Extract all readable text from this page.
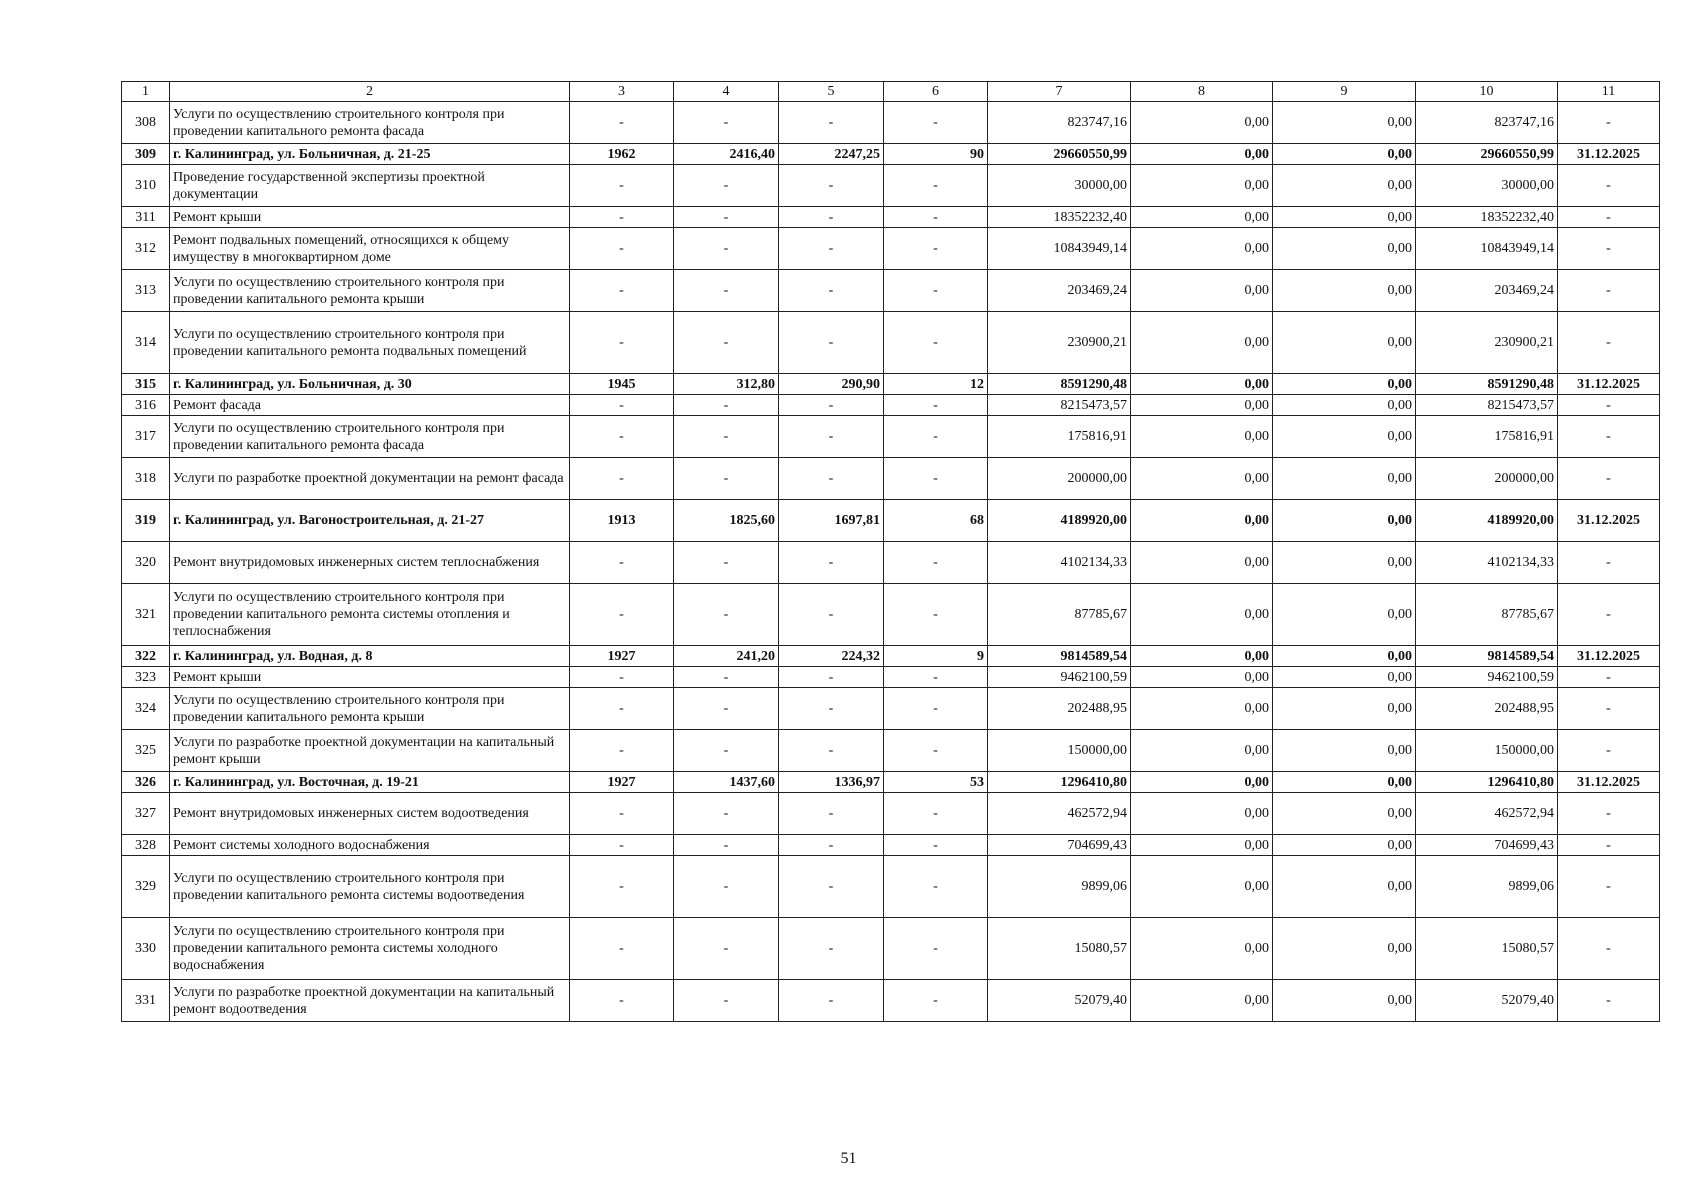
1	2	3	4	5	6	7	8	9	10	11
308	Услуги по осуществлению строительного контроля при проведении капитального ремонта фасада	-	-	-	-	823747,16	0,00	0,00	823747,16	-
309	г. Калининград, ул. Больничная, д. 21-25	1962	2416,40	2247,25	90	29660550,99	0,00	0,00	29660550,99	31.12.2025
310	Проведение государственной экспертизы проектной документации	-	-	-	-	30000,00	0,00	0,00	30000,00	-
311	Ремонт крыши	-	-	-	-	18352232,40	0,00	0,00	18352232,40	-
312	Ремонт подвальных помещений, относящихся к общему имуществу в многоквартирном доме	-	-	-	-	10843949,14	0,00	0,00	10843949,14	-
313	Услуги по осуществлению строительного контроля при проведении капитального ремонта крыши	-	-	-	-	203469,24	0,00	0,00	203469,24	-
314	Услуги по осуществлению строительного контроля при проведении капитального ремонта подвальных помещений	-	-	-	-	230900,21	0,00	0,00	230900,21	-
315	г. Калининград, ул. Больничная, д. 30	1945	312,80	290,90	12	8591290,48	0,00	0,00	8591290,48	31.12.2025
316	Ремонт фасада	-	-	-	-	8215473,57	0,00	0,00	8215473,57	-
317	Услуги по осуществлению строительного контроля при проведении капитального ремонта фасада	-	-	-	-	175816,91	0,00	0,00	175816,91	-
318	Услуги по разработке проектной документации на ремонт фасада	-	-	-	-	200000,00	0,00	0,00	200000,00	-
319	г. Калининград, ул. Вагоностроительная, д. 21-27	1913	1825,60	1697,81	68	4189920,00	0,00	0,00	4189920,00	31.12.2025
320	Ремонт внутридомовых инженерных систем теплоснабжения	-	-	-	-	4102134,33	0,00	0,00	4102134,33	-
321	Услуги по осуществлению строительного контроля при проведении капитального ремонта системы отопления и теплоснабжения	-	-	-	-	87785,67	0,00	0,00	87785,67	-
322	г. Калининград, ул. Водная, д. 8	1927	241,20	224,32	9	9814589,54	0,00	0,00	9814589,54	31.12.2025
323	Ремонт крыши	-	-	-	-	9462100,59	0,00	0,00	9462100,59	-
324	Услуги по осуществлению строительного контроля при проведении капитального ремонта крыши	-	-	-	-	202488,95	0,00	0,00	202488,95	-
325	Услуги по разработке проектной документации на капитальный ремонт крыши	-	-	-	-	150000,00	0,00	0,00	150000,00	-
326	г. Калининград, ул. Восточная, д. 19-21	1927	1437,60	1336,97	53	1296410,80	0,00	0,00	1296410,80	31.12.2025
327	Ремонт внутридомовых инженерных систем водоотведения	-	-	-	-	462572,94	0,00	0,00	462572,94	-
328	Ремонт системы холодного водоснабжения	-	-	-	-	704699,43	0,00	0,00	704699,43	-
329	Услуги по осуществлению строительного контроля при проведении капитального ремонта системы водоотведения	-	-	-	-	9899,06	0,00	0,00	9899,06	-
330	Услуги по осуществлению строительного контроля при проведении капитального ремонта системы холодного водоснабжения	-	-	-	-	15080,57	0,00	0,00	15080,57	-
331	Услуги по разработке проектной документации на капитальный ремонт водоотведения	-	-	-	-	52079,40	0,00	0,00	52079,40	-
51
